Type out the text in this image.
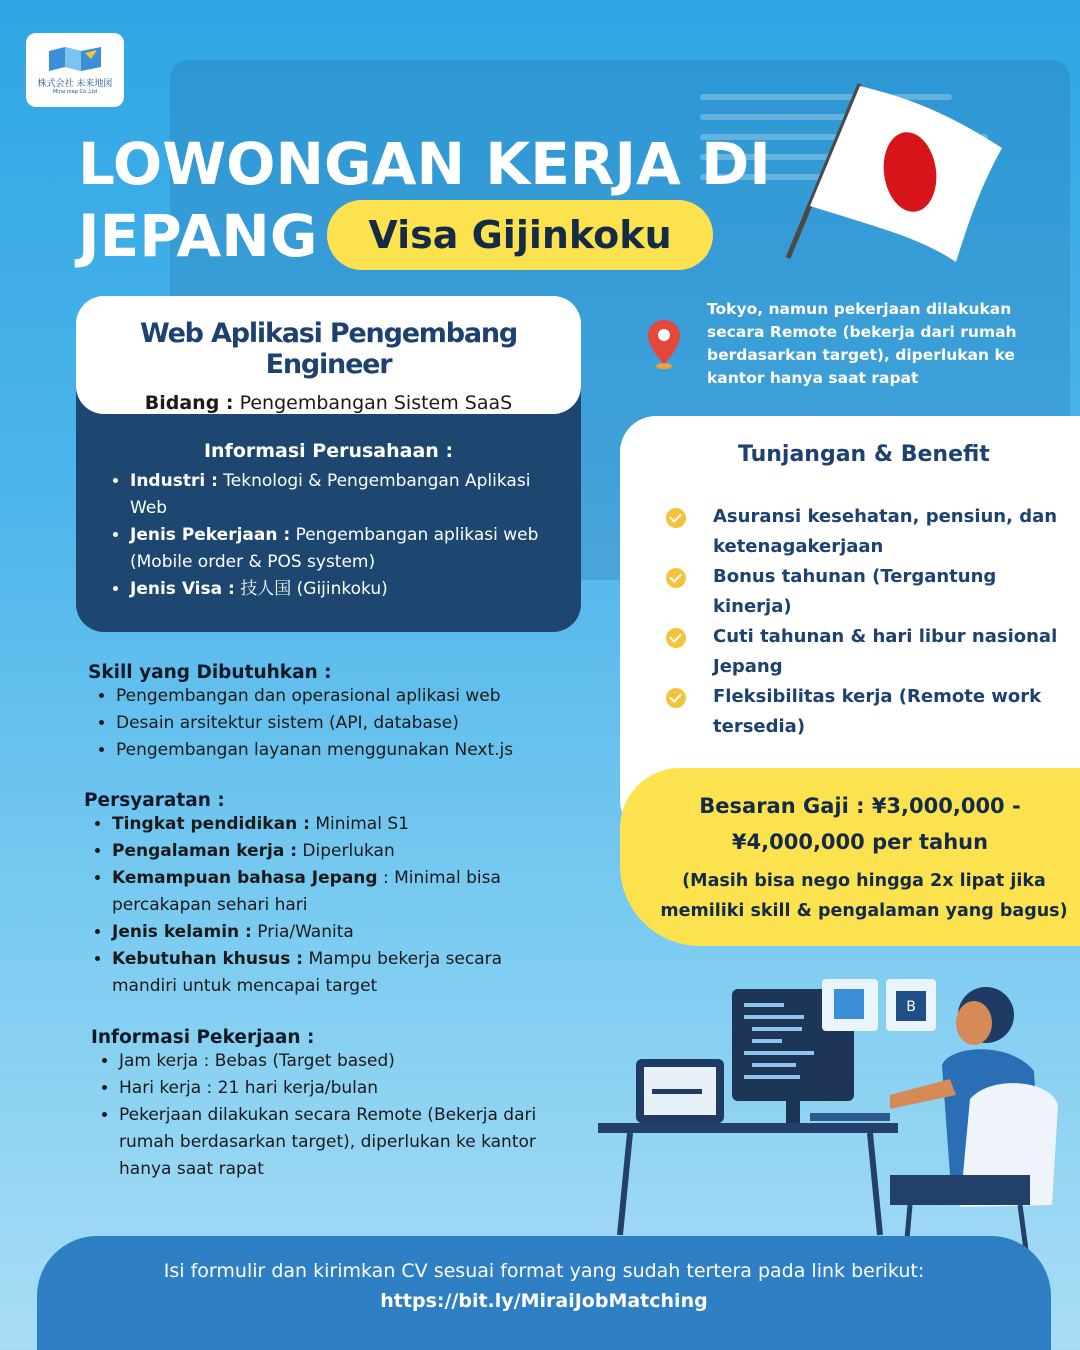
株式会社 未来地図
Mirai map Co.,Ltd
LOWONGAN KERJA DI
JEPANG	Visa Gijinkoku
Web Aplikasi Pengembang Engineer
Bidang : Pengembangan Sistem SaaS
Informasi Perusahaan :
• Industri : Teknologi & Pengembangan Aplikasi Web
• Jenis Pekerjaan : Pengembangan aplikasi web (Mobile order & POS system)
• Jenis Visa : 技人国 (Gijinkoku)
Tokyo, namun pekerjaan dilakukan secara Remote (bekerja dari rumah berdasarkan target), diperlukan ke kantor hanya saat rapat
Tunjangan & Benefit
Asuransi kesehatan, pensiun, dan ketenagakerjaan
Bonus tahunan (Tergantung kinerja)
Cuti tahunan & hari libur nasional Jepang
Fleksibilitas kerja (Remote work tersedia)
Besaran Gaji : ¥3,000,000 - ¥4,000,000 per tahun
(Masih bisa nego hingga 2x lipat jika memiliki skill & pengalaman yang bagus)
Skill yang Dibutuhkan :
• Pengembangan dan operasional aplikasi web
• Desain arsitektur sistem (API, database)
• Pengembangan layanan menggunakan Next.js
Persyaratan :
• Tingkat pendidikan : Minimal S1
• Pengalaman kerja : Diperlukan
• Kemampuan bahasa Jepang : Minimal bisa percakapan sehari hari
• Jenis kelamin : Pria/Wanita
• Kebutuhan khusus : Mampu bekerja secara mandiri untuk mencapai target
Informasi Pekerjaan :
• Jam kerja : Bebas (Target based)
• Hari kerja : 21 hari kerja/bulan
• Pekerjaan dilakukan secara Remote (Bekerja dari rumah berdasarkan target), diperlukan ke kantor hanya saat rapat
B
Isi formulir dan kirimkan CV sesuai format yang sudah tertera pada link berikut:
https://bit.ly/MiraiJobMatching
